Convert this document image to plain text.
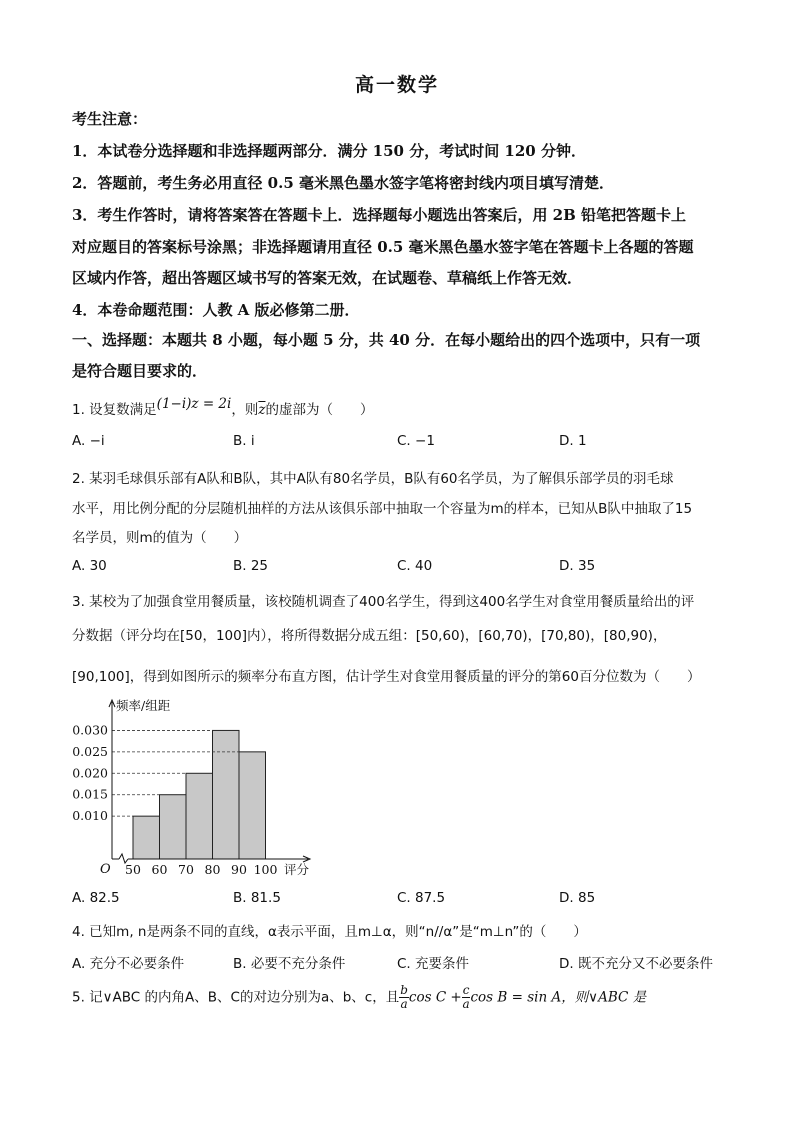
高一数学
考生注意：
1．本试卷分选择题和非选择题两部分．满分 150 分，考试时间 120 分钟．
2．答题前，考生务必用直径 0.5 毫米黑色墨水签字笔将密封线内项目填写清楚．
3．考生作答时，请将答案答在答题卡上．选择题每小题选出答案后，用 2B 铅笔把答题卡上
对应题目的答案标号涂黑；非选择题请用直径 0.5 毫米黑色墨水签字笔在答题卡上各题的答题
区域内作答，超出答题区域书写的答案无效，在试题卷、草稿纸上作答无效．
4．本卷命题范围：人教 A 版必修第二册．
一、选择题：本题共 8 小题，每小题 5 分，共 40 分．在每小题给出的四个选项中，只有一项
是符合题目要求的．
1. 设复数满足(1−i)z = 2i，则$\overline{z}$的虚部为（　　）
A. −i	B. i	C. −1	D. 1
2. 某羽毛球俱乐部有A队和B队，其中A队有80名学员，B队有60名学员，为了解俱乐部学员的羽毛球
水平，用比例分配的分层随机抽样的方法从该俱乐部中抽取一个容量为m的样本，已知从B队中抽取了15
名学员，则m的值为（　　）
A. 30	B. 25	C. 40	D. 35
3. 某校为了加强食堂用餐质量，该校随机调查了400名学生，得到这400名学生对食堂用餐质量给出的评
分数据（评分均在[50，100]内），将所得数据分成五组：[50,60)，[60,70)，[70,80)，[80,90)，
[90,100]，得到如图所示的频率分布直方图，估计学生对食堂用餐质量的评分的第60百分位数为（　　）
0.010
0.015
0.020
0.025
0.030
50 60 70 80 90 100
O
频率/组距
评分
A. 82.5	B. 81.5	C. 87.5	D. 85
4. 已知m, n是两条不同的直线，α表示平面，且m⊥α，则“n//α”是“m⊥n”的（　　）
A. 充分不必要条件	B. 必要不充分条件	C. 充要条件	D. 既不充分又不必要条件
5. 记∨ABC 的内角A、B、C的对边分别为a、b、c，且 $\frac{b}{a}$ $\cos C + \frac{c}{a}$ cos B = sin A，则∨ABC 是
